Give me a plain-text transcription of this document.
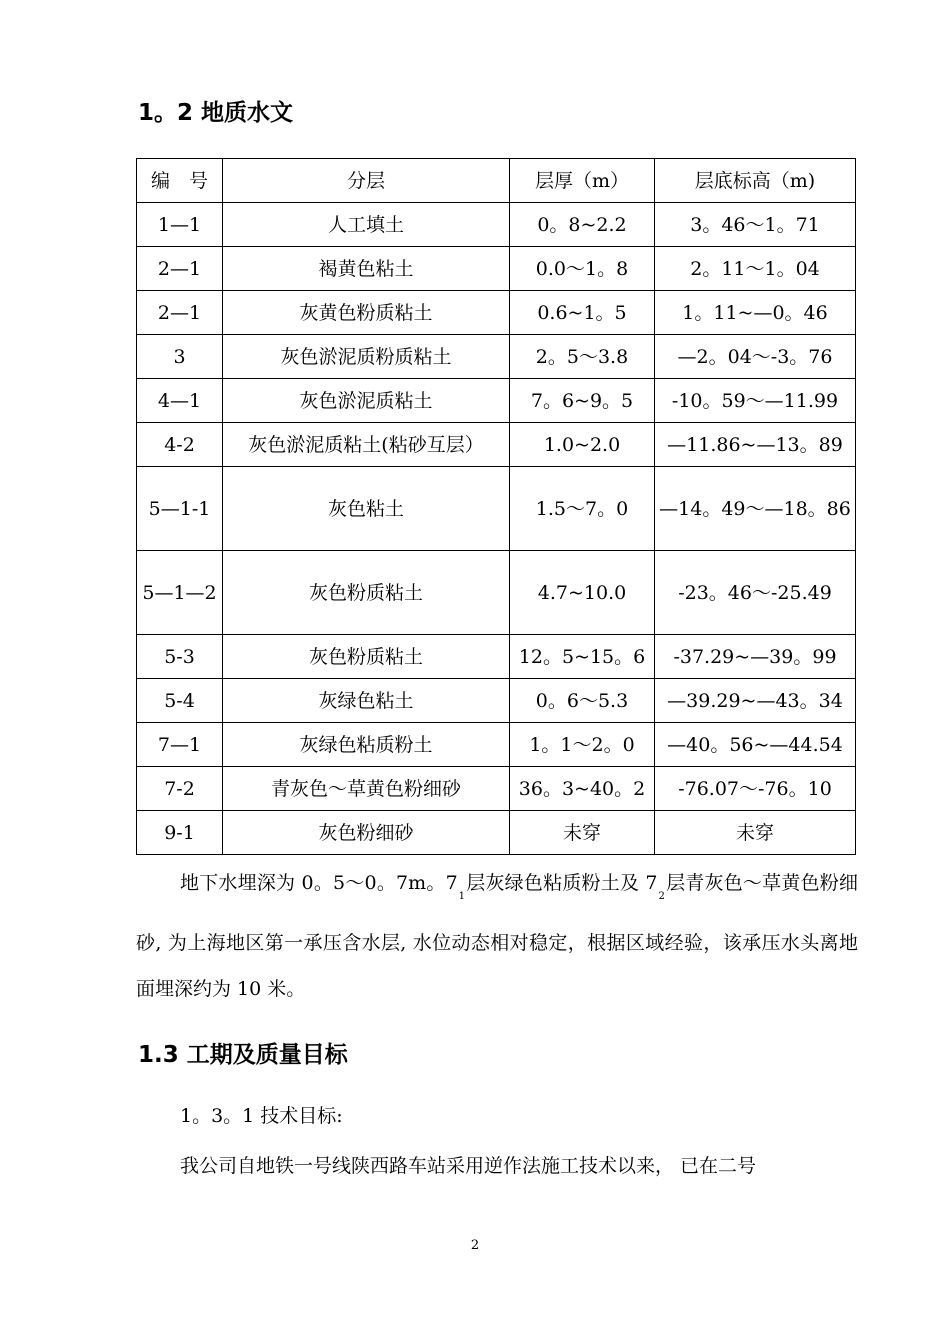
1。2 地质水文
编　号	分层	层厚（m）	层底标高（m)
1—1	人工填土	0。8~2.2	3。46～1。71
2—1	褐黄色粘土	0.0～1。8	2。11～1。04
2—1	灰黄色粉质粘土	0.6~1。5	1。11~—0。46
3	灰色淤泥质粉质粘土	2。5～3.8	—2。04～-3。76
4—1	灰色淤泥质粘土	7。6~9。5	-10。59～—11.99
4-2	灰色淤泥质粘土(粘砂互层）	1.0~2.0	—11.86~—13。89
5—1-1	灰色粘土	1.5～7。0	—14。49～—18。86
5—1—2	灰色粉质粘土	4.7~10.0	-23。46～-25.49
5-3	灰色粉质粘土	12。5~15。6	-37.29~—39。99
5-4	灰绿色粘土	0。6～5.3	—39.29~—43。34
7—1	灰绿色粘质粉土	1。1～2。0	—40。56~—44.54
7-2	青灰色～草黄色粉细砂	36。3~40。2	-76.07～-76。10
9-1	灰色粉细砂	未穿	未穿

地下水埋深为 0。5～0。7m。$7_1$层灰绿色粘质粉土及 $7_2$层青灰色～草黄色粉细砂, 为上海地区第一承压含水层, 水位动态相对稳定，根据区域经验，该承压水头离地面埋深约为 10 米。

1.3 工期及质量目标

1。3。1 技术目标:

我公司自地铁一号线陕西路车站采用逆作法施工技术以来， 已在二号

2
